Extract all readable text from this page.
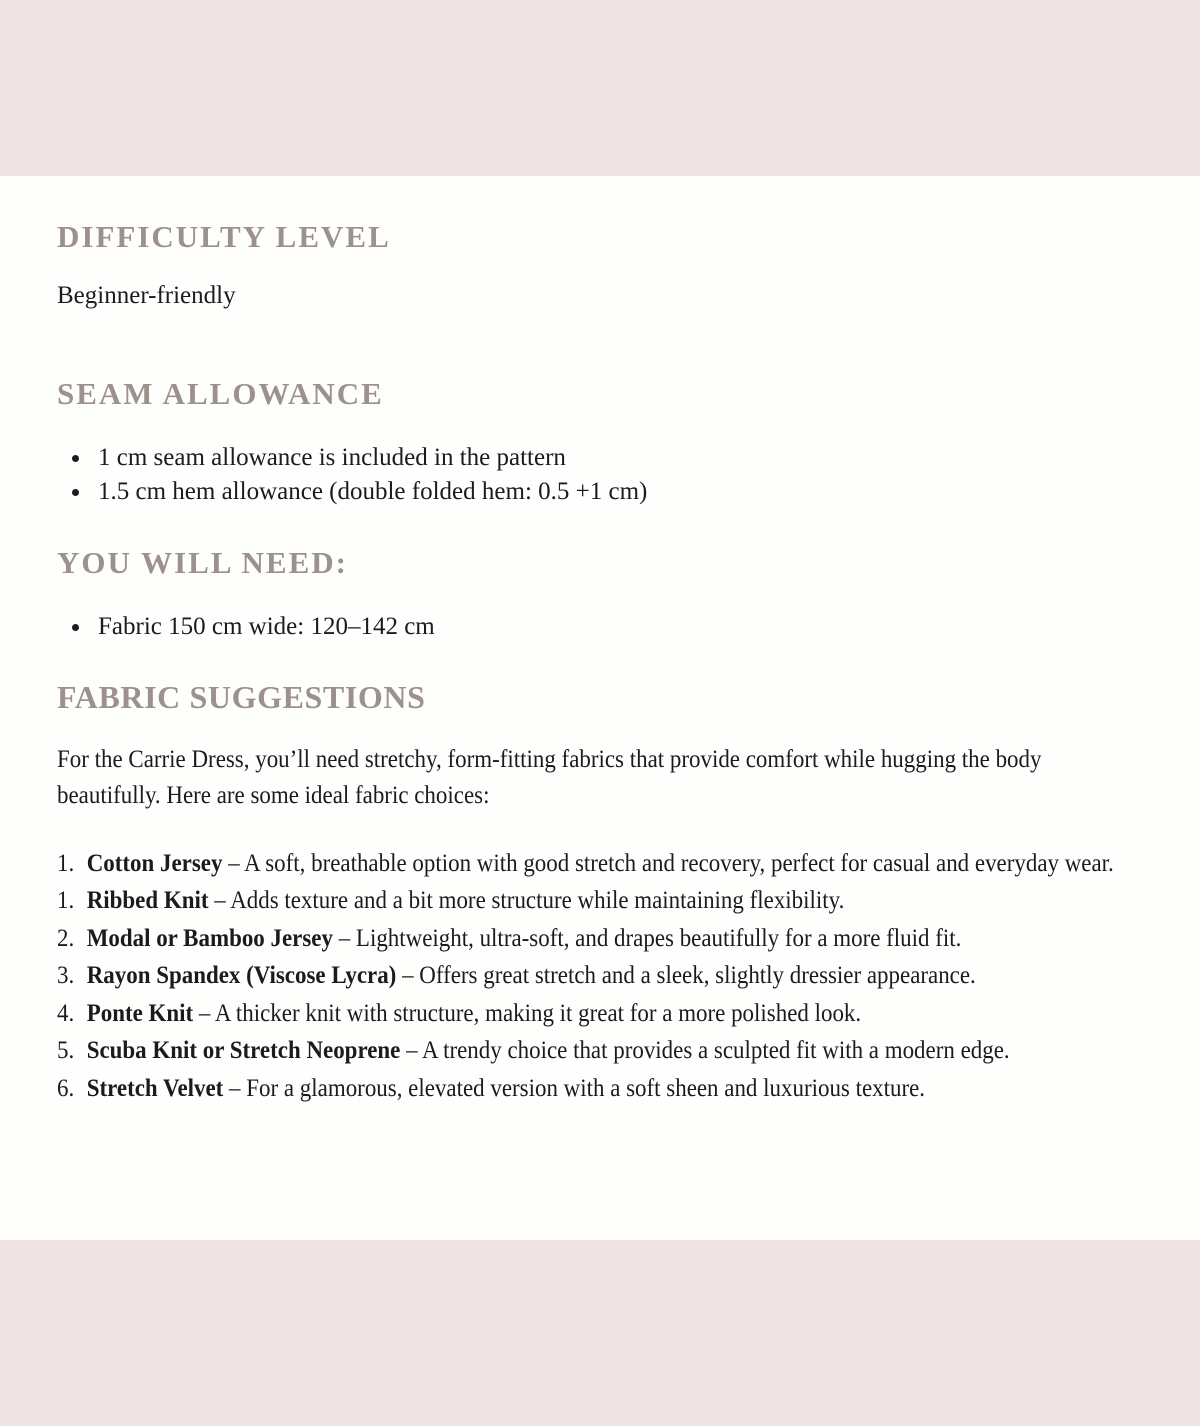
DIFFICULTY LEVEL

Beginner-friendly

SEAM ALLOWANCE
1 cm seam allowance is included in the pattern
1.5 cm hem allowance (double folded hem: 0.5 +1 cm)
YOU WILL NEED:
Fabric 150 cm wide: 120–142 cm
FABRIC SUGGESTIONS

For the Carrie Dress, you’ll need stretchy, form-fitting fabrics that provide comfort while hugging the body beautifully. Here are some ideal fabric choices:

1. Cotton Jersey – A soft, breathable option with good stretch and recovery, perfect for casual and everyday wear.
1. Ribbed Knit – Adds texture and a bit more structure while maintaining flexibility.
2. Modal or Bamboo Jersey – Lightweight, ultra-soft, and drapes beautifully for a more fluid fit.
3. Rayon Spandex (Viscose Lycra) – Offers great stretch and a sleek, slightly dressier appearance.
4. Ponte Knit – A thicker knit with structure, making it great for a more polished look.
5. Scuba Knit or Stretch Neoprene – A trendy choice that provides a sculpted fit with a modern edge.
6. Stretch Velvet – For a glamorous, elevated version with a soft sheen and luxurious texture.
